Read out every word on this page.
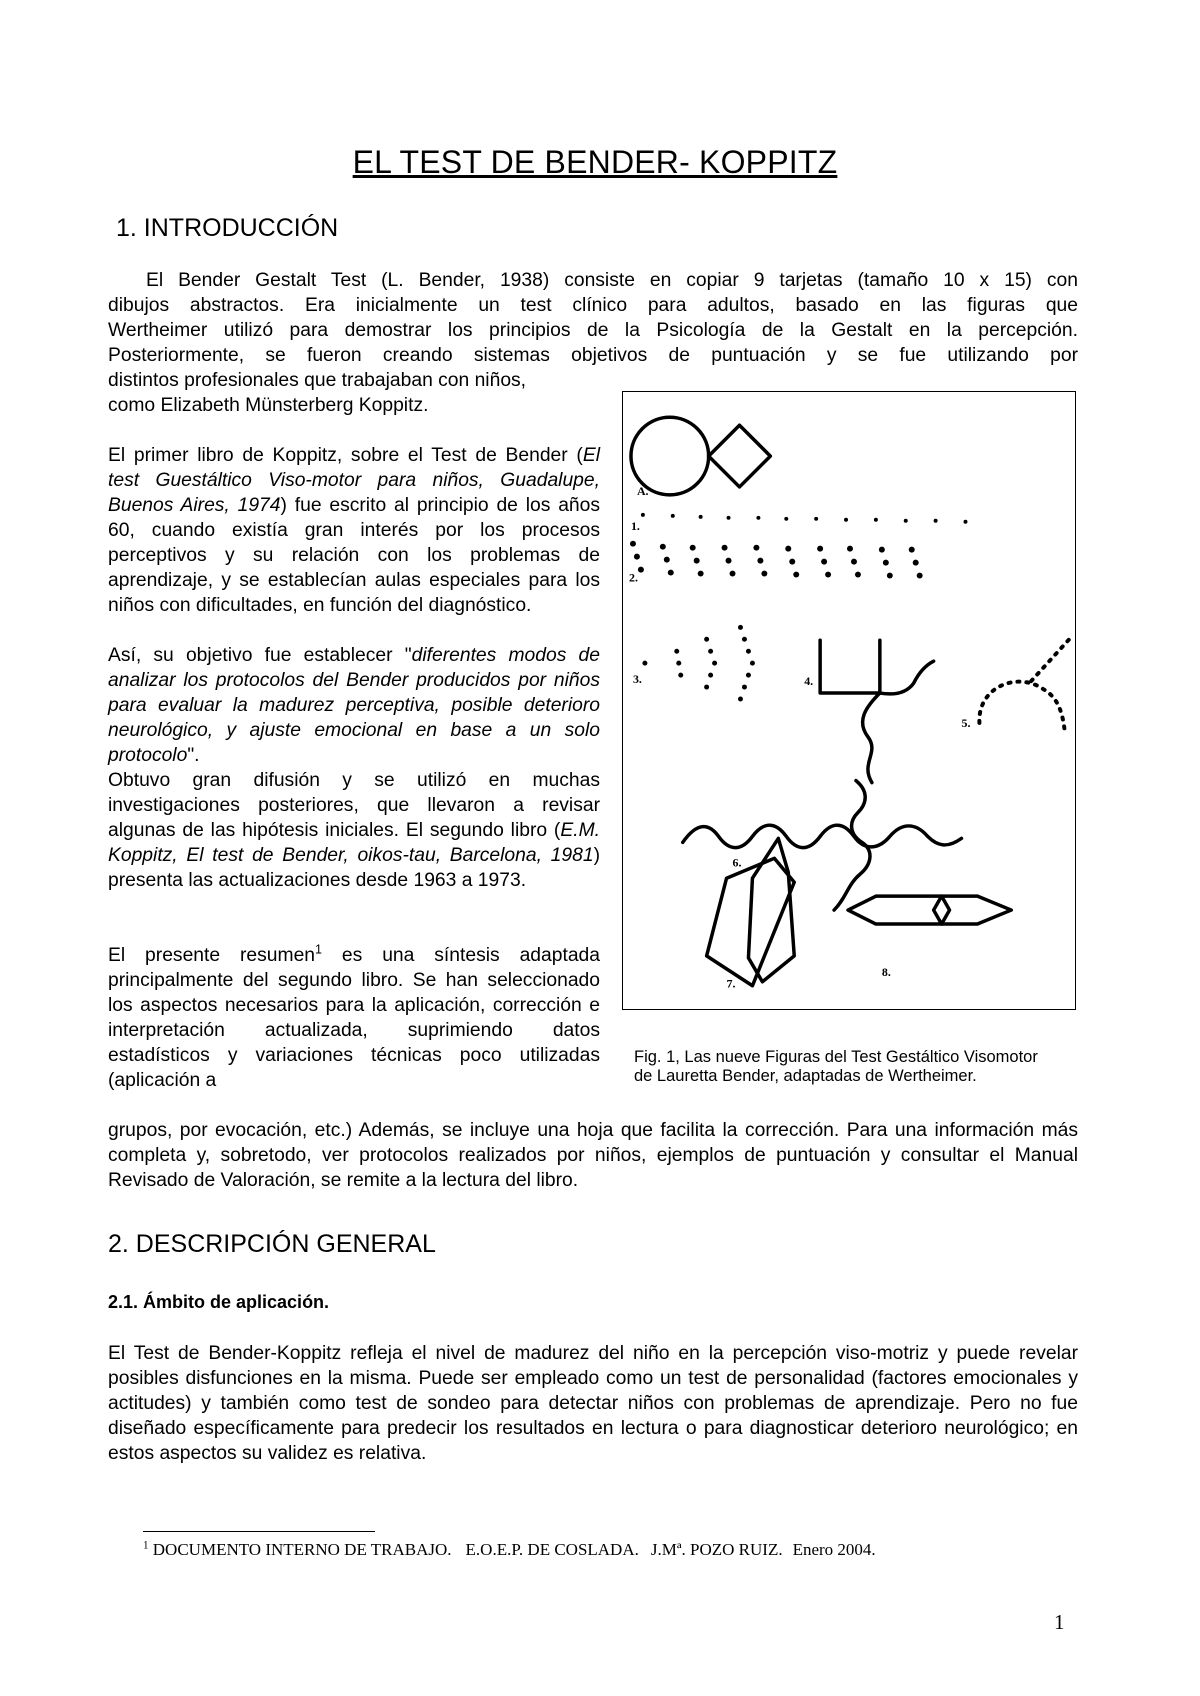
EL TEST DE BENDER- KOPPITZ
1. INTRODUCCIÓN
El Bender Gestalt Test (L. Bender, 1938) consiste en copiar 9 tarjetas (tamaño 10 x 15) con
dibujos abstractos. Era inicialmente un test clínico para adultos, basado en las figuras que
Wertheimer utilizó para demostrar los principios de la Psicología de la Gestalt en la percepción.
Posteriormente, se fueron creando sistemas objetivos de puntuación y se fue utilizando por
distintos profesionales que trabajaban con niños,
como Elizabeth Münsterberg Koppitz.
El primer libro de Koppitz, sobre el Test de Bender (El test Guestáltico Viso-motor para niños, Guadalupe, Buenos Aires, 1974) fue escrito al principio de los años 60, cuando existía gran interés por los procesos perceptivos y su relación con los problemas de aprendizaje, y se establecían aulas especiales para los niños con dificultades, en función del diagnóstico.
Así, su objetivo fue establecer "diferentes modos de analizar los protocolos del Bender producidos por niños para evaluar la madurez perceptiva, posible deterioro neurológico, y ajuste emocional en base a un solo protocolo".
Obtuvo gran difusión y se utilizó en muchas investigaciones posteriores, que llevaron a revisar algunas de las hipótesis iniciales. El segundo libro (E.M. Koppitz, El test de Bender, oikos-tau, Barcelona, 1981) presenta las actualizaciones desde 1963 a 1973.
El presente resumen$^1$ es una síntesis adaptada principalmente del segundo libro. Se han seleccionado los aspectos necesarios para la aplicación, corrección e interpretación actualizada, suprimiendo datos estadísticos y variaciones técnicas poco utilizadas (aplicación a
grupos, por evocación, etc.) Además, se incluye una hoja que facilita la corrección. Para una información más completa y, sobretodo, ver protocolos realizados por niños, ejemplos de puntuación y consultar el Manual Revisado de Valoración, se remite a la lectura del libro.
A.
1.
2.
3.	4.
5.
6.
7.
8.
Fig. 1, Las nueve Figuras del Test Gestáltico Visomotor de Lauretta Bender, adaptadas de Wertheimer.
2. DESCRIPCIÓN GENERAL
2.1. Ámbito de aplicación.
El Test de Bender-Koppitz refleja el nivel de madurez del niño en la percepción viso-motriz y puede revelar posibles disfunciones en la misma. Puede ser empleado como un test de personalidad (factores emocionales y actitudes) y también como test de sondeo para detectar niños con problemas de aprendizaje. Pero no fue diseñado específicamente para predecir los resultados en lectura o para diagnosticar deterioro neurológico; en estos aspectos su validez es relativa.
$^1$ DOCUMENTO INTERNO DE TRABAJO. E.O.E.P. DE COSLADA. J.Mª. POZO RUIZ. Enero 2004.
1
